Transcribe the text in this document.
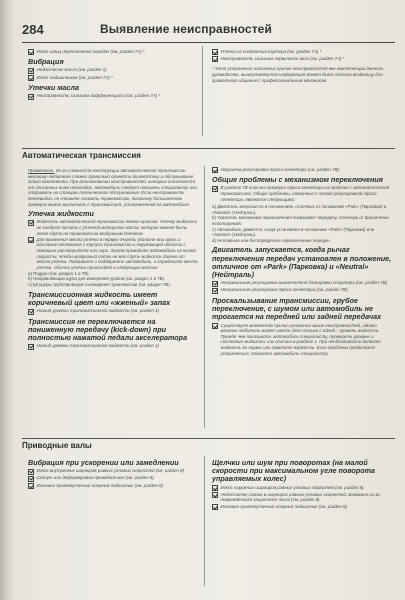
284	Выявление неисправностей
Износ шлиц переключения передач (см. раздел 7А) *
Вибрация
Недостаток масла (см. раздел 1).
Износ подшипников (см. раздел 7А) *
Утечки масла
Неисправность сальника дифференциала (см. раздел 7А) *
Утечка из соединения картера (см. раздел 7А) *
Неисправность сальника первичного вала (см. раздел 7А) *
* Хотя устранение описанных причин неисправностей вне компетенции данного руководства, вышеупомянутая информация может быть полезна владельцу для грамотного общения с профессиональным механиком.
Автоматическая трансмиссия
Примечание. Из-за сложности конструкции автоматической трансмиссии механику-любителю сложно правильно провести диагностику и обслуживание этого компонента. При возникновении неисправностей, которые отличаются от описанных ниже неполадок, автомобиль следует показать специалисту или отправить на станцию технического обслуживания. Если неисправность неочевидна, не спешите снимать трансмиссию, поскольку большинство проверок можно выполнить с трансмиссией, установленной на автомобиле.
Утечка жидкости
Жидкость автоматической трансмиссии темно-красная. Утечку жидкости не следует путать с утечкой моторного масла, которое может быть легко сдуто на трансмиссию воздушным потоком.
Для выявления места утечки в первую очередь удалите всю грязь и масляные отложения с корпуса трансмиссии и окружающей области с помощью растворителя или пара. Затем проведите автомобиль на малой скорости, чтобы воздушный поток не мог сдуть жидкость далеко от места утечки. Поднимите и поддержите автомобиль, и определите место утечки. Обычно утечки происходят в следующих местах:
а) Поддон (см. раздел 1 и 7В).
b) Направляющая щупа для измерения уровня (см. раздел 1 и 7В).
c) Штуцеры трубопроводов охлаждения трансмиссии (см. раздел 7В).
Трансмиссионная жидкость имеет коричневый цвет или «жженый» запах
Низкий уровень трансмиссионной жидкости (см. раздел 1)
Трансмиссия не переключается на пониженную передачу (kick-down) при полностью нажатой педали акселератора
Низкий уровень трансмиссионной жидкости (см. раздел 1)
Нарушена регулировка троса селектора (см. раздел 7В).
Общие проблемы с механизмом переключения
В разделе 7В описана проверка троса селектора на моделях с автоматической трансмиссией. Общие проблемы, связанные с плохой регулировкой троса селектора, являются следующими:
а) Двигатель запускается в положениях, отличных от положений «Park» (Парковка) и «Neutral» (Нейтраль).
b) Указатель механизма переключения показывает передачу, отличную от фактически используемой.
c) Автомобиль движется, когда установлен в положение «Park» (Парковка) или «Neutral» (Нейтраль).
d) Неплавное или беспорядочное переключение передач.
Двигатель запускается, когда рычаг переключения передач установлен в положение, отличное от «Park» (Парковка) и «Neutral» (Нейтраль)
Неправильная регулировка выключателя блокировки стартера (см. раздел 7В)
Неправильная регулировка троса селектора (см. раздел 7В)
Проскальзывание трансмиссии, грубое переключение, с шумом или автомобиль не трогается на передней или задней передачах
Существует множество причин указанных выше неисправностей, однако механик-любитель может иметь дело только с одной – уровень жидкости. Прежде чем показывать автомобиль специалисту, проверьте уровень и состояние жидкости, как описано в разделе 1. При необходимости долейте жидкость до нормы или замените жидкость. Если проблема продолжает устраняться, покажите автомобиль специалисту.
Приводные валы
Вибрация при ускорении или замедлении
Износ внутренних шарниров равных угловых скоростей (см. раздел 8).
Согнут или деформирован приводной вал (см. раздел 8).
Изношен промежуточный опорный подшипник (см. раздел 8).
Щелчки или шум при поворотах (на малой скорости при максимальном угле поворота управляемых колес)
Износ наружных шарниров равных угловых скоростей (см. раздел 8).
Недостаток смазки в шарнирах равных угловых скоростей, возможно из-за поврежденного защитного чехла (см. раздел 8).
Изношен промежуточный опорный подшипник (см. раздел 8).
